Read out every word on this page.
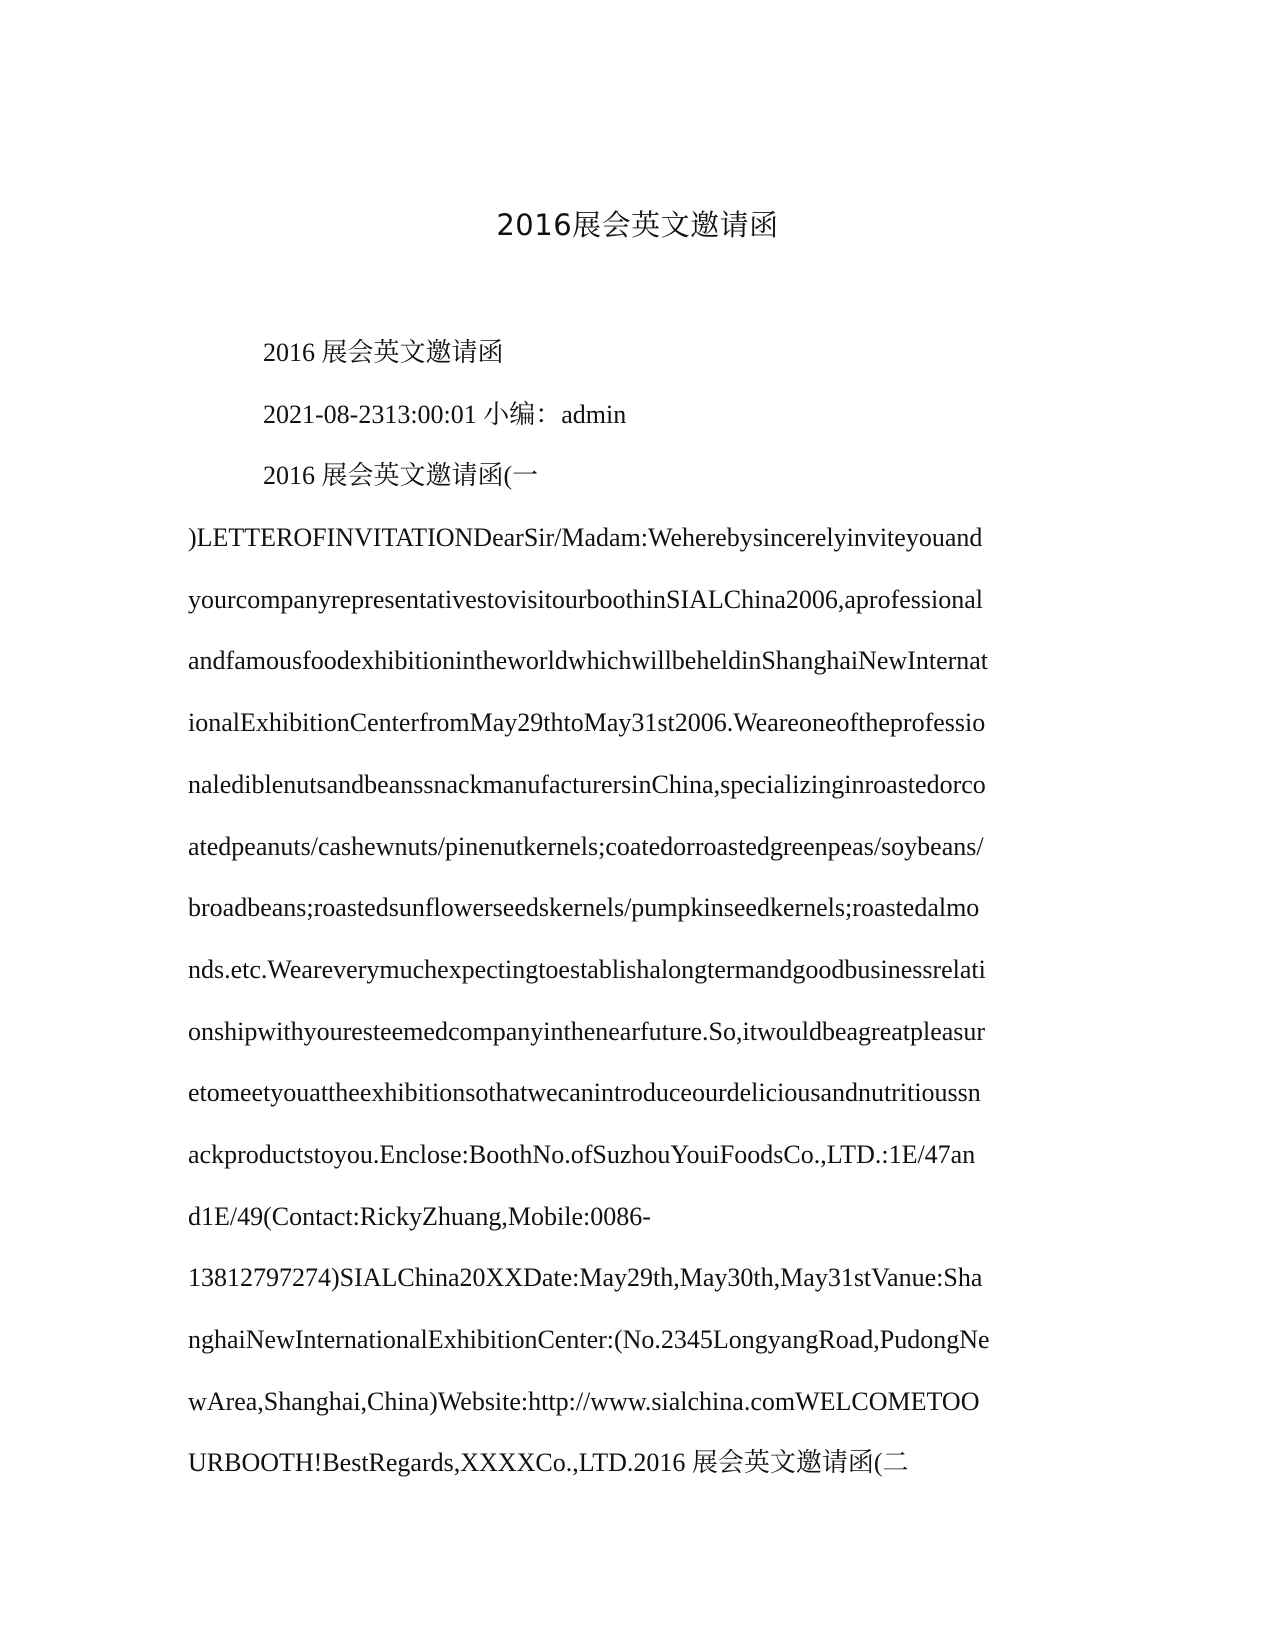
2016展会英文邀请函

2016 展会英文邀请函

2021-08-2313:00:01 小编：admin

2016 展会英文邀请函(一

)LETTEROFINVITATIONDearSir/Madam:Weherebysincerelyinviteyouand

yourcompanyrepresentativestovisitourboothinSIALChina2006,aprofessional

andfamousfoodexhibitionintheworldwhichwillbeheldinShanghaiNewInternat

ionalExhibitionCenterfromMay29thtoMay31st2006.Weareoneoftheprofessio

nalediblenutsandbeanssnackmanufacturersinChina,specializinginroastedorco

atedpeanuts/cashewnuts/pinenutkernels;coatedorroastedgreenpeas/soybeans/

broadbeans;roastedsunflowerseedskernels/pumpkinseedkernels;roastedalmo

nds.etc.Weareverymuchexpectingtoestablishalongtermandgoodbusinessrelati

onshipwithyouresteemedcompanyinthenearfuture.So,itwouldbeagreatpleasur

etomeetyouattheexhibitionsothatwecanintroduceourdeliciousandnutritioussn

ackproductstoyou.Enclose:BoothNo.ofSuzhouYouiFoodsCo.,LTD.:1E/47an

d1E/49(Contact:RickyZhuang,Mobile:0086-

13812797274)SIALChina20XXDate:May29th,May30th,May31stVanue:Sha

nghaiNewInternationalExhibitionCenter:(No.2345LongyangRoad,PudongNe

wArea,Shanghai,China)Website:http://www.sialchina.comWELCOMETOO

URBOOTH!BestRegards,XXXXCo.,LTD.2016 展会英文邀请函(二
